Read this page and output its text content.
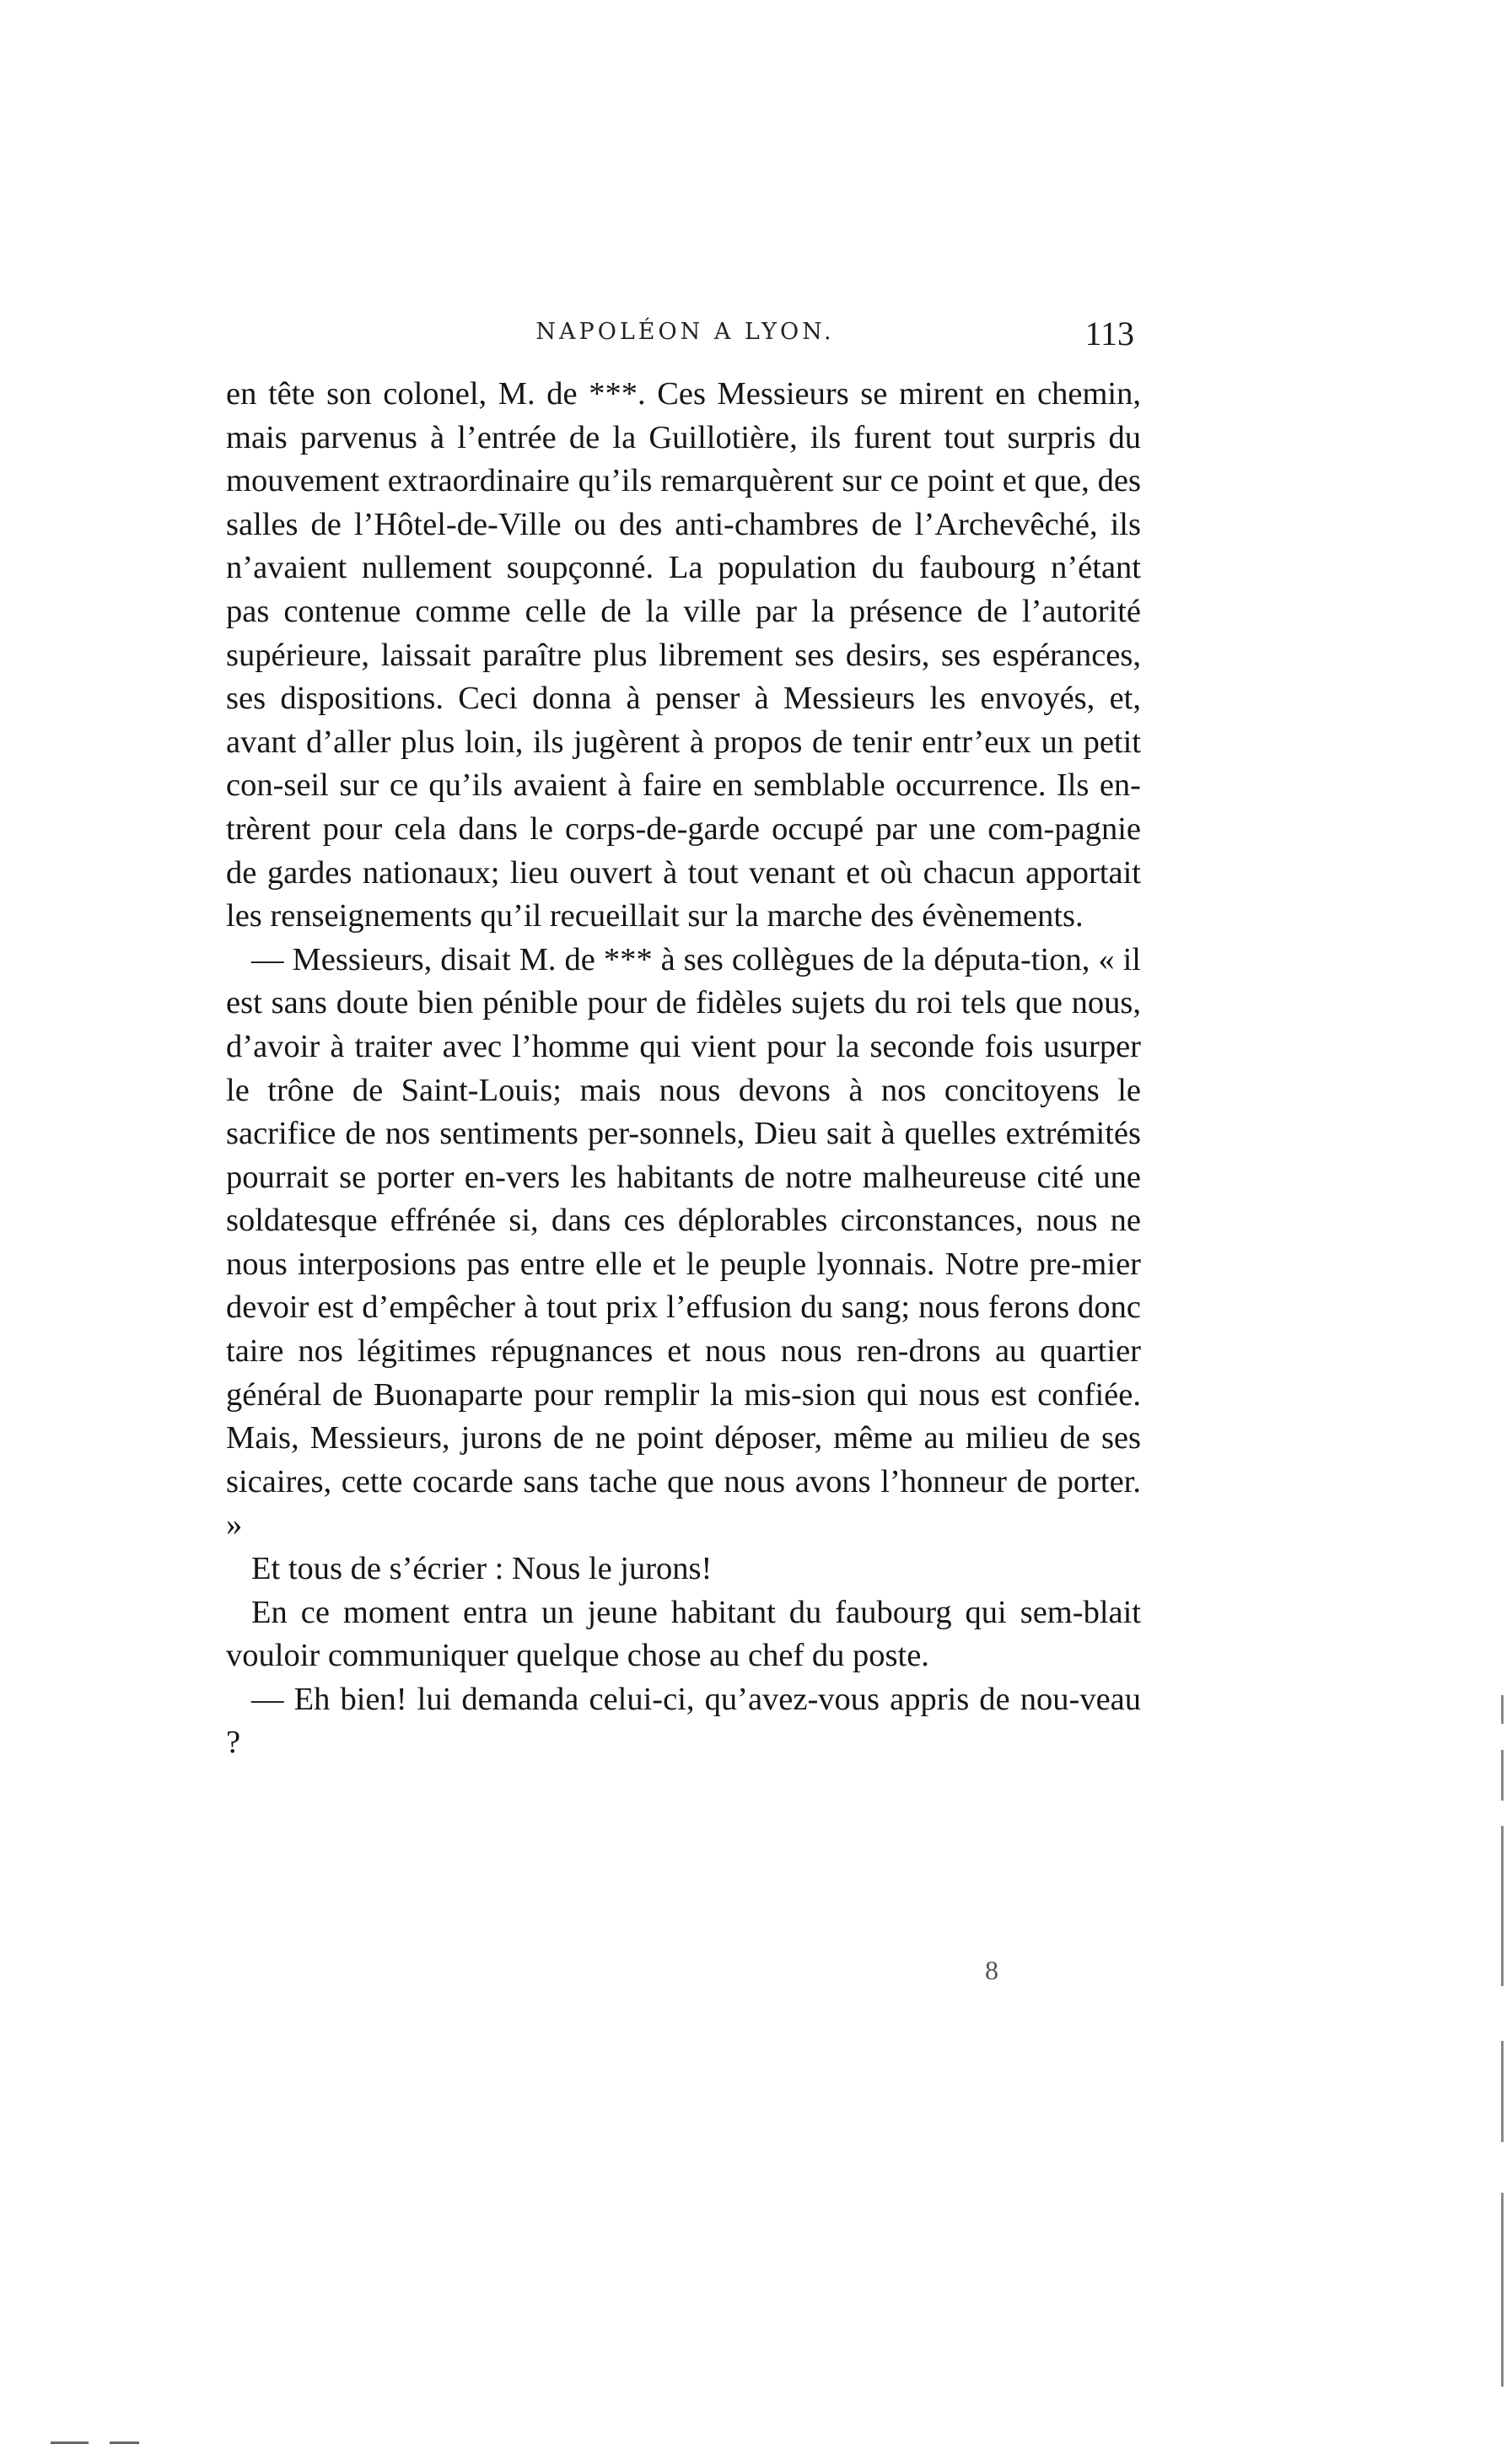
NAPOLÉON A LYON.	113

en tête son colonel, M. de ***. Ces Messieurs se mirent en chemin, mais parvenus à l’entrée de la Guillotière, ils furent tout surpris du mouvement extraordinaire qu’ils remarquèrent sur ce point et que, des salles de l’Hôtel-de-Ville ou des anti-chambres de l’Archevêché, ils n’avaient nullement soupçonné. La population du faubourg n’étant pas contenue comme celle de la ville par la présence de l’autorité supérieure, laissait paraître plus librement ses desirs, ses espérances, ses dispositions. Ceci donna à penser à Messieurs les envoyés, et, avant d’aller plus loin, ils jugèrent à propos de tenir entr’eux un petit con-seil sur ce qu’ils avaient à faire en semblable occurrence. Ils en-trèrent pour cela dans le corps-de-garde occupé par une com-pagnie de gardes nationaux; lieu ouvert à tout venant et où chacun apportait les renseignements qu’il recueillait sur la marche des évènements.

— Messieurs, disait M. de *** à ses collègues de la députa-tion, « il est sans doute bien pénible pour de fidèles sujets du roi tels que nous, d’avoir à traiter avec l’homme qui vient pour la seconde fois usurper le trône de Saint-Louis; mais nous devons à nos concitoyens le sacrifice de nos sentiments per-sonnels, Dieu sait à quelles extrémités pourrait se porter en-vers les habitants de notre malheureuse cité une soldatesque effrénée si, dans ces déplorables circonstances, nous ne nous interposions pas entre elle et le peuple lyonnais. Notre pre-mier devoir est d’empêcher à tout prix l’effusion du sang; nous ferons donc taire nos légitimes répugnances et nous nous ren-drons au quartier général de Buonaparte pour remplir la mis-sion qui nous est confiée. Mais, Messieurs, jurons de ne point déposer, même au milieu de ses sicaires, cette cocarde sans tache que nous avons l’honneur de porter. »

Et tous de s’écrier : Nous le jurons!

En ce moment entra un jeune habitant du faubourg qui sem-blait vouloir communiquer quelque chose au chef du poste.

— Eh bien! lui demanda celui-ci, qu’avez-vous appris de nou-veau ?

8
